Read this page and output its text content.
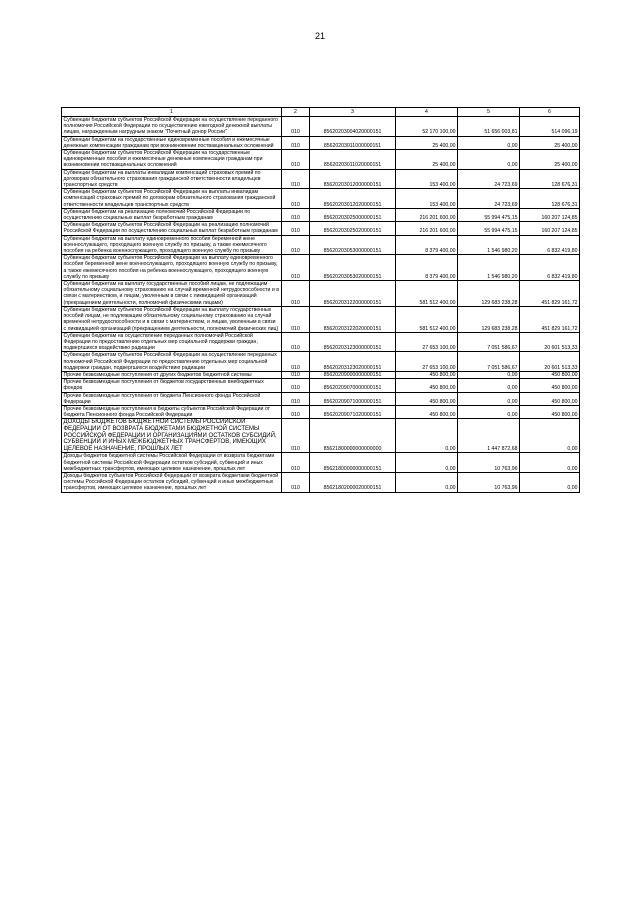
21
1	2	3	4	5	6
Субвенции бюджетам субъектов Российской Федерации на осуществление переданного полномочия Российской Федерации по осуществлению ежегодной денежной выплаты лицам, награжденным нагрудным знаком "Почетный донор России"	010	85620203004020000151	52 170 100,00	51 656 003,81	514 096,19
Субвенции бюджетам на государственные единовременные пособия и ежемесячные денежные компенсации гражданам при возникновении поствакцинальных осложнений	010	85620203011000000151	25 400,00	0,00	25 400,00
Субвенции бюджетам субъектов Российской Федерации на государственные единовременные пособия и ежемесячные денежные компенсации гражданам при возникновении поствакцинальных осложнений	010	85620203011020000151	25 400,00	0,00	25 400,00
Субвенции бюджетам на выплаты инвалидам компенсаций страховых премий по договорам обязательного страхования гражданской ответственности владельцев транспортных средств	010	85620203012000000151	153 400,00	24 723,69	128 676,31
Субвенции бюджетам субъектов Российской Федерации на выплаты инвалидам компенсаций страховых премий по договорам обязательного страхования гражданской ответственности владельцев транспортных средств	010	85620203012020000151	153 400,00	24 723,69	128 676,31
Субвенции бюджетам на реализацию полномочий Российской Федерации по осуществлению социальных выплат безработным гражданам	010	85620203025000000151	216 201 600,00	55 994 475,15	160 207 124,85
Субвенции бюджетам субъектов Российской Федерации на реализацию полномочий Российской Федерации по осуществлению социальных выплат безработным гражданам	010	85620203025020000151	216 201 600,00	55 994 475,15	160 207 124,85
Субвенции бюджетам на выплату единовременного пособия беременной жене военнослужащего, проходящего военную службу по призыву, а также ежемесячного пособия на ребенка военнослужащего, проходящего военную службу по призыву	010	85620203053000000151	8 379 400,00	1 546 980,20	6 832 419,80
Субвенции бюджетам субъектов Российской Федерации на выплату единовременного пособия беременной жене военнослужащего, проходящего военную службу по призыву, а также ежемесячного пособия на ребенка военнослужащего, проходящего военную службу по призыву	010	85620203053020000151	8 379 400,00	1 546 980,20	6 832 419,80
Субвенции бюджетам на выплату государственных пособий лицам, не подлежащим обязательному социальному страхованию на случай временной нетрудоспособности и в связи с материнством, и лицам, уволенным в связи с ликвидацией организаций (прекращением деятельности, полномочий физическими лицами)	010	85620203122000000151	581 512 400,00	129 683 238,28	451 829 161,72
Субвенции бюджетам субъектов Российской Федерации на выплату государственных пособий лицам, не подлежащим обязательному социальному страхованию на случай временной нетрудоспособности и в связи с материнством, и лицам, уволенным в связи с ликвидацией организаций (прекращением деятельности, полномочий физических лиц)	010	85620203122020000151	581 512 400,00	129 683 238,28	451 829 161,72
Субвенции бюджетам на осуществление переданных полномочий Российской Федерации по предоставлению отдельных мер социальной поддержки граждан, подвергшихся воздействию радиации	010	85620203123000000151	27 653 100,00	7 051 586,67	20 601 513,33
Субвенции бюджетам субъектов Российской Федерации на осуществление переданных полномочий Российской Федерации по предоставлению отдельных мер социальной поддержки граждан, подвергшихся воздействию радиации	010	85620203123020000151	27 653 100,00	7 051 586,67	20 601 513,33
Прочие безвозмездные поступления от других бюджетов бюджетной системы	010	85620209000000000151	450 800,00	0,00	450 800,00
Прочие безвозмездные поступления от бюджетов государственных внебюджетных фондов	010	85620209070000000151	450 800,00	0,00	450 800,00
Прочие безвозмездные поступления от бюджета Пенсионного фонда Российской Федерации	010	85620209071000000151	450 800,00	0,00	450 800,00
Прочие безвозмездные поступления в бюджеты субъектов Российской Федерации от бюджета Пенсионного фонда Российской Федерации	010	85620209071020000151	450 800,00	0,00	450 800,00
ДОХОДЫ БЮДЖЕТОВ БЮДЖЕТНОЙ СИСТЕМЫ РОССИЙСКОЙ ФЕДЕРАЦИИ ОТ ВОЗВРАТА БЮДЖЕТАМИ БЮДЖЕТНОЙ СИСТЕМЫ РОССИЙСКОЙ ФЕДЕРАЦИИ И ОРГАНИЗАЦИЯМИ ОСТАТКОВ СУБСИДИЙ, СУБВЕНЦИЙ И ИНЫХ МЕЖБЮДЖЕТНЫХ ТРАНСФЕРТОВ, ИМЕЮЩИХ ЦЕЛЕВОЕ НАЗНАЧЕНИЕ, ПРОШЛЫХ ЛЕТ	010	85621800000000000000	0,00	1 447 872,68	0,00
Доходы бюджетов бюджетной системы Российской Федерации от возврата бюджетами бюджетной системы Российской Федерации остатков субсидий, субвенций и иных межбюджетных трансфертов, имеющих целевое назначение, прошлых лет	010	85621800000000000151	0,00	10 763,96	0,00
Доходы бюджетов субъектов Российской Федерации от возврата бюджетами бюджетной системы Российской Федерации остатков субсидий, субвенций и иных межбюджетных трансфертов, имеющих целевое назначение, прошлых лет	010	85621802000020000151	0,00	10 763,96	0,00
